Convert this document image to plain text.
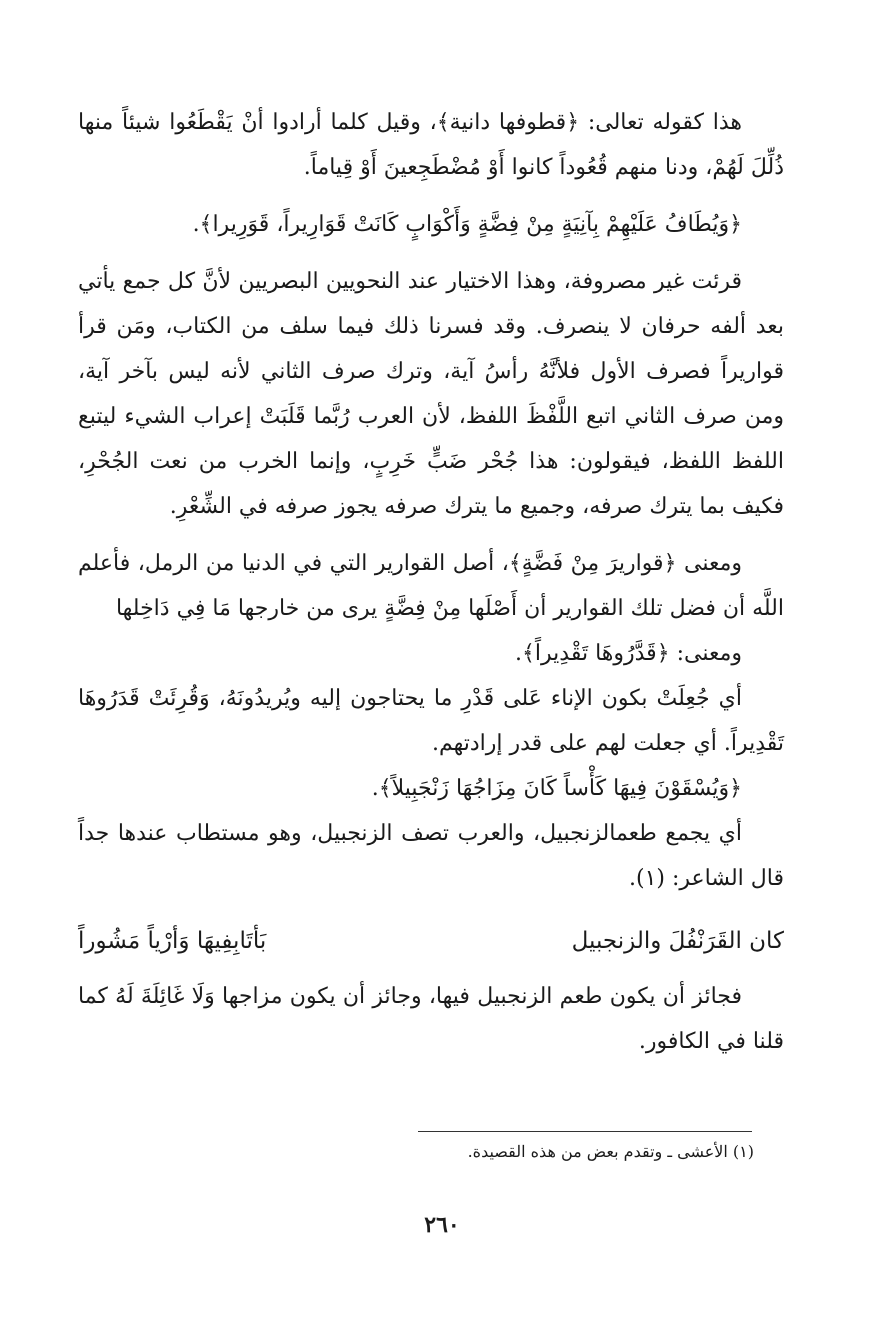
هذا كقوله تعالى: ﴿قطوفها دانية﴾، وقيل كلما أرادوا أنْ يَقْطَعُوا شيئاً منها ذُلِّلَ لَهُمْ، ودنا منهم قُعُوداً كانوا أَوْ مُضْطَجِعينَ أَوْ قِياماً.

﴿وَيُطَافُ عَلَيْهِمْ بِآنِيَةٍ مِنْ فِضَّةٍ وَأَكْوَابٍ كَانَتْ قَوَارِيراً، قَوَرِيرا﴾.

قرئت غير مصروفة، وهذا الاختيار عند النحويين البصريين لأنَّ كل جمع يأتي بعد ألفه حرفان لا ينصرف. وقد فسرنا ذلك فيما سلف من الكتاب، ومَن قرأ قواريراً فصرف الأول فلأنَّهُ رأسُ آية، وترك صرف الثاني لأنه ليس بآخر آية، ومن صرف الثاني اتبع اللَّفْظَ اللفظ، لأن العرب رُبَّما قَلَبَتْ إعراب الشيء ليتبع اللفظ اللفظ، فيقولون: هذا جُحْر ضَبٍّ خَرِبٍ، وإنما الخرب من نعت الجُحْرِ، فكيف بما يترك صرفه، وجميع ما يترك صرفه يجوز صرفه في الشِّعْرِ.

ومعنى ﴿قواريرَ مِنْ فَضَّةٍ﴾، أصل القوارير التي في الدنيا من الرمل، فأعلم اللَّه أن فضل تلك القوارير أن أَصْلَها مِنْ فِضَّةٍ يرى من خارجها مَا فِي دَاخِلها

ومعنى: ﴿قَدَّرُوهَا تَقْدِيراً﴾.

أي جُعِلَتْ بكون الإناء عَلى قَدْرِ ما يحتاجون إليه ويُريدُونَهُ، وَقُرِئَتْ قَدَرُوهَا تَقْدِيراً. أي جعلت لهم على قدر إرادتهم.

﴿وَيُسْقَوْنَ فِيهَا كَأْساً كَانَ مِزَاجُهَا زَنْجَبِيلاً﴾.

أي يجمع طعمالزنجبيل، والعرب تصف الزنجبيل، وهو مستطاب عندها جداً قال الشاعر: (١).

كان القَرَنْفُلَ والزنجبيل
بَأتَابِفِيهَا وَأرْياً مَشُوراً

فجائز أن يكون طعم الزنجبيل فيها، وجائز أن يكون مزاجها وَلَا غَائِلَةَ لَهُ كما قلنا في الكافور.

(١) الأعشى ـ وتقدم بعض من هذه القصيدة.
٢٦٠
